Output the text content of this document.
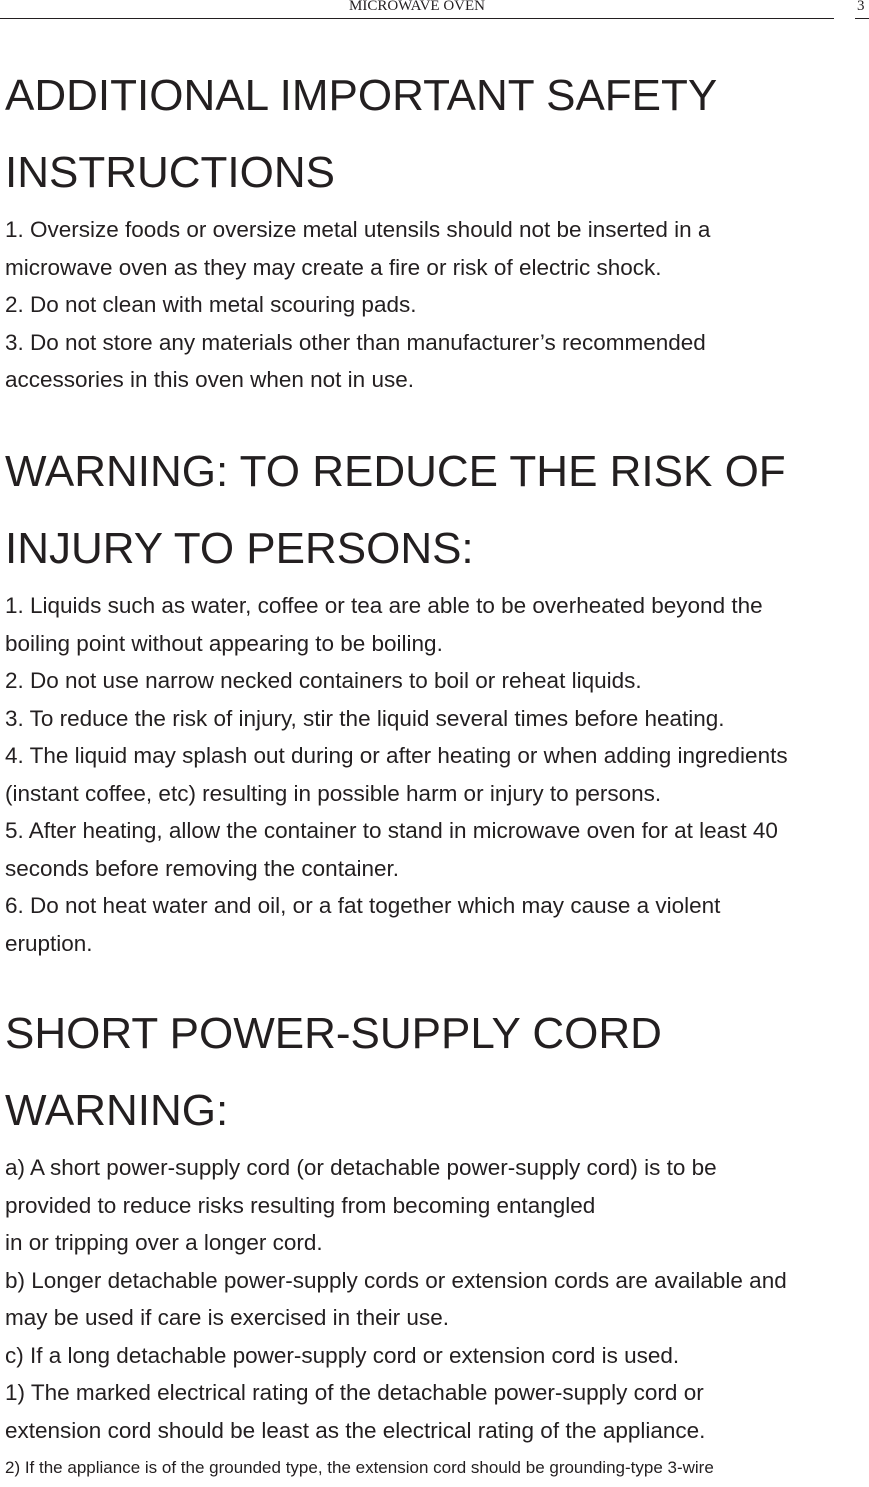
MICROWAVE OVEN	3
ADDITIONAL IMPORTANT SAFETY
INSTRUCTIONS
1. Oversize foods or oversize metal utensils should not be inserted in a
microwave oven as they may create a fire or risk of electric shock.
2. Do not clean with metal scouring pads.
3. Do not store any materials other than manufacturer’s recommended
accessories in this oven when not in use.
WARNING: TO REDUCE THE RISK OF
INJURY TO PERSONS:
1. Liquids such as water, coffee or tea are able to be overheated beyond the
boiling point without appearing to be boiling.
2. Do not use narrow necked containers to boil or reheat liquids.
3. To reduce the risk of injury, stir the liquid several times before heating.
4. The liquid may splash out during or after heating or when adding ingredients
(instant coffee, etc) resulting in possible harm or injury to persons.
5. After heating, allow the container to stand in microwave oven for at least 40
seconds before removing the container.
6. Do not heat water and oil, or a fat together which may cause a violent
eruption.
SHORT POWER-SUPPLY CORD
WARNING:
a) A short power-supply cord (or detachable power-supply cord) is to be
provided to reduce risks resulting from becoming entangled
in or tripping over a longer cord.
b) Longer detachable power-supply cords or extension cords are available and
may be used if care is exercised in their use.
c) If a long detachable power-supply cord or extension cord is used.
1) The marked electrical rating of the detachable power-supply cord or
extension cord should be least as the electrical rating of the appliance.
2) If the appliance is of the grounded type, the extension cord should be grounding-type 3-wire
